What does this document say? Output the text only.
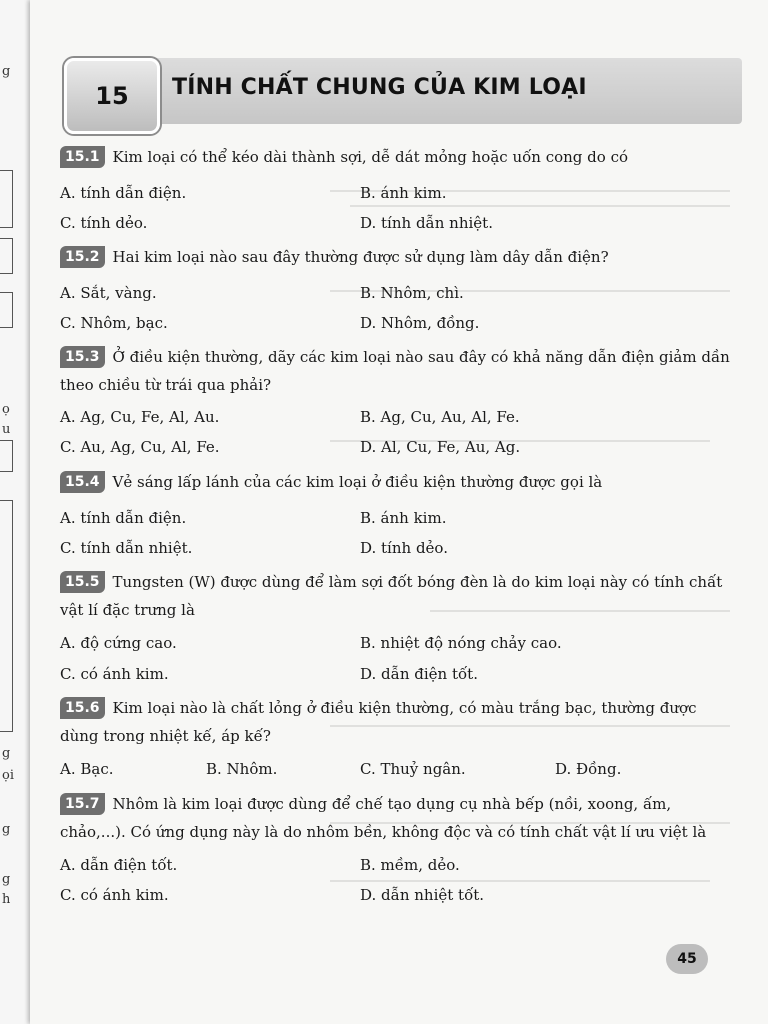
g
ọ
u
g
ọi
g
g
h
15	TÍNH CHẤT CHUNG CỦA KIM LOẠI
15.1 Kim loại có thể kéo dài thành sợi, dễ dát mỏng hoặc uốn cong do có
A. tính dẫn điện.	B. ánh kim.
C. tính dẻo.	D. tính dẫn nhiệt.
15.2 Hai kim loại nào sau đây thường được sử dụng làm dây dẫn điện?
A. Sắt, vàng.	B. Nhôm, chì.
C. Nhôm, bạc.	D. Nhôm, đồng.
15.3 Ở điều kiện thường, dãy các kim loại nào sau đây có khả năng dẫn điện giảm dần theo chiều từ trái qua phải?
A. Ag, Cu, Fe, Al, Au.	B. Ag, Cu, Au, Al, Fe.
C. Au, Ag, Cu, Al, Fe.	D. Al, Cu, Fe, Au, Ag.
15.4 Vẻ sáng lấp lánh của các kim loại ở điều kiện thường được gọi là
A. tính dẫn điện.	B. ánh kim.
C. tính dẫn nhiệt.	D. tính dẻo.
15.5 Tungsten (W) được dùng để làm sợi đốt bóng đèn là do kim loại này có tính chất vật lí đặc trưng là
A. độ cứng cao.	B. nhiệt độ nóng chảy cao.
C. có ánh kim.	D. dẫn điện tốt.
15.6 Kim loại nào là chất lỏng ở điều kiện thường, có màu trắng bạc, thường được dùng trong nhiệt kế, áp kế?
A. Bạc.	B. Nhôm.	C. Thuỷ ngân.	D. Đồng.
15.7 Nhôm là kim loại được dùng để chế tạo dụng cụ nhà bếp (nồi, xoong, ấm, chảo,...). Có ứng dụng này là do nhôm bền, không độc và có tính chất vật lí ưu việt là
A. dẫn điện tốt.	B. mềm, dẻo.
C. có ánh kim.	D. dẫn nhiệt tốt.
45
